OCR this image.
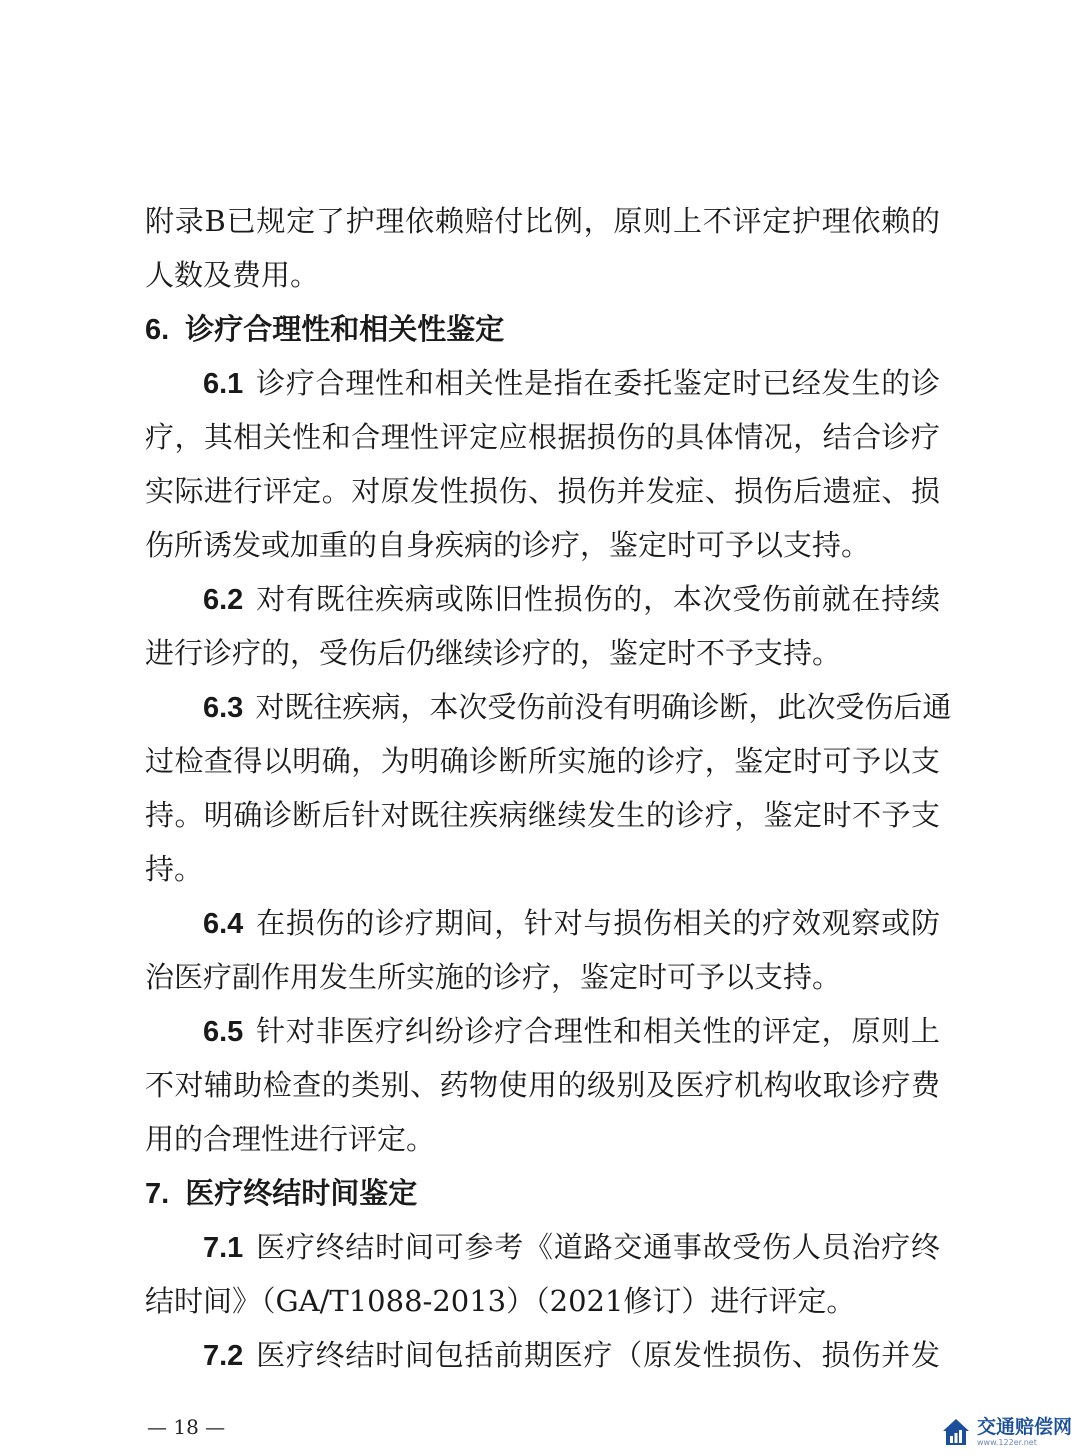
附录B已规定了护理依赖赔付比例，原则上不评定护理依赖的
人数及费用。
6. 诊疗合理性和相关性鉴定
6.1 诊疗合理性和相关性是指在委托鉴定时已经发生的诊
疗，其相关性和合理性评定应根据损伤的具体情况，结合诊疗
实际进行评定。对原发性损伤、损伤并发症、损伤后遗症、损
伤所诱发或加重的自身疾病的诊疗，鉴定时可予以支持。
6.2 对有既往疾病或陈旧性损伤的，本次受伤前就在持续
进行诊疗的，受伤后仍继续诊疗的，鉴定时不予支持。
6.3 对既往疾病，本次受伤前没有明确诊断，此次受伤后通
过检查得以明确，为明确诊断所实施的诊疗，鉴定时可予以支
持。明确诊断后针对既往疾病继续发生的诊疗，鉴定时不予支
持。
6.4 在损伤的诊疗期间，针对与损伤相关的疗效观察或防
治医疗副作用发生所实施的诊疗，鉴定时可予以支持。
6.5 针对非医疗纠纷诊疗合理性和相关性的评定，原则上
不对辅助检查的类别、药物使用的级别及医疗机构收取诊疗费
用的合理性进行评定。
7. 医疗终结时间鉴定
7.1 医疗终结时间可参考《道路交通事故受伤人员治疗终
结时间》（GA/T1088-2013）（2021修订）进行评定。
7.2 医疗终结时间包括前期医疗（原发性损伤、损伤并发
— 18 —	交通赔偿网
www.122er.net
